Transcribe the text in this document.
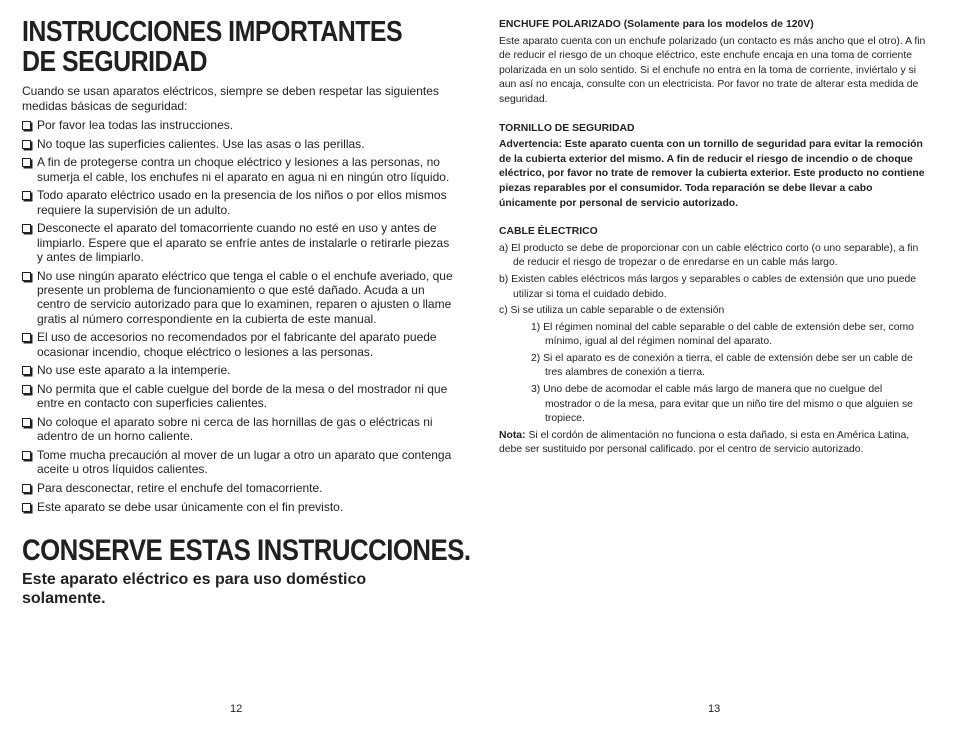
INSTRUCCIONES IMPORTANTES
DE SEGURIDAD

Cuando se usan aparatos eléctricos, siempre se deben respetar las siguientes medidas básicas de seguridad:

Por favor lea todas las instrucciones.
No toque las superficies calientes. Use las asas o las perillas.
A fin de protegerse contra un choque eléctrico y lesiones a las personas, no sumerja el cable, los enchufes ni el aparato en agua ni en ningún otro líquido.
Todo aparato eléctrico usado en la presencia de los niños o por ellos mismos requiere la supervisión de un adulto.
Desconecte el aparato del tomacorriente cuando no esté en uso y antes de limpiarlo. Espere que el aparato se enfríe antes de instalarle o retirarle piezas y antes de limpiarlo.
No use ningún aparato eléctrico que tenga el cable o el enchufe averiado, que presente un problema de funcionamiento o que esté dañado. Acuda a un centro de servicio autorizado para que lo examinen, reparen o ajusten o llame gratis al número correspondiente en la cubierta de este manual.
El uso de accesorios no recomendados por el fabricante del aparato puede ocasionar incendio, choque eléctrico o lesiones a las personas.
No use este aparato a la intemperie.
No permita que el cable cuelgue del borde de la mesa o del mostrador ni que entre en contacto con superficies calientes.
No coloque el aparato sobre ni cerca de las hornillas de gas o eléctricas ni adentro de un horno caliente.
Tome mucha precaución al mover de un lugar a otro un aparato que contenga aceite u otros líquidos calientes.
Para desconectar, retire el enchufe del tomacorriente.
Este aparato se debe usar únicamente con el fin previsto.
CONSERVE ESTAS INSTRUCCIONES.

Este aparato eléctrico es para uso doméstico solamente.

12

ENCHUFE POLARIZADO (Solamente para los modelos de 120V)

Este aparato cuenta con un enchufe polarizado (un contacto es más ancho que el otro). A fin de reducir el riesgo de un choque eléctrico, este enchufe encaja en una toma de corriente polarizada en un solo sentido. Si el enchufe no entra en la toma de corriente, inviértalo y si aun así no encaja, consulte con un electricista. Por favor no trate de alterar esta medida de seguridad.

TORNILLO DE SEGURIDAD

Advertencia: Este aparato cuenta con un tornillo de seguridad para evitar la remoción de la cubierta exterior del mismo. A fin de reducir el riesgo de incendio o de choque eléctrico, por favor no trate de remover la cubierta exterior. Este producto no contiene piezas reparables por el consumidor. Toda reparación se debe llevar a cabo únicamente por personal de servicio autorizado.

CABLE ÉLECTRICO

a) El producto se debe de proporcionar con un cable eléctrico corto (o uno separable), a fin de reducir el riesgo de tropezar o de enredarse en un cable más largo.

b) Existen cables eléctricos más largos y separables o cables de extensión que uno puede utilizar si toma el cuidado debido.

c) Si se utiliza un cable separable o de extensión

1) El régimen nominal del cable separable o del cable de extensión debe ser, como mínimo, igual al del régimen nominal del aparato.

2) Si el aparato es de conexión a tierra, el cable de extensión debe ser un cable de tres alambres de conexión a tierra.

3) Uno debe de acomodar el cable más largo de manera que no cuelgue del mostrador o de la mesa, para evitar que un niño tire del mismo o que alguien se tropiece.

Nota: Si el cordón de alimentación no funciona o esta dañado, si esta en América Latina, debe ser sustituido por personal calificado. por el centro de servicio autorizado.

13
